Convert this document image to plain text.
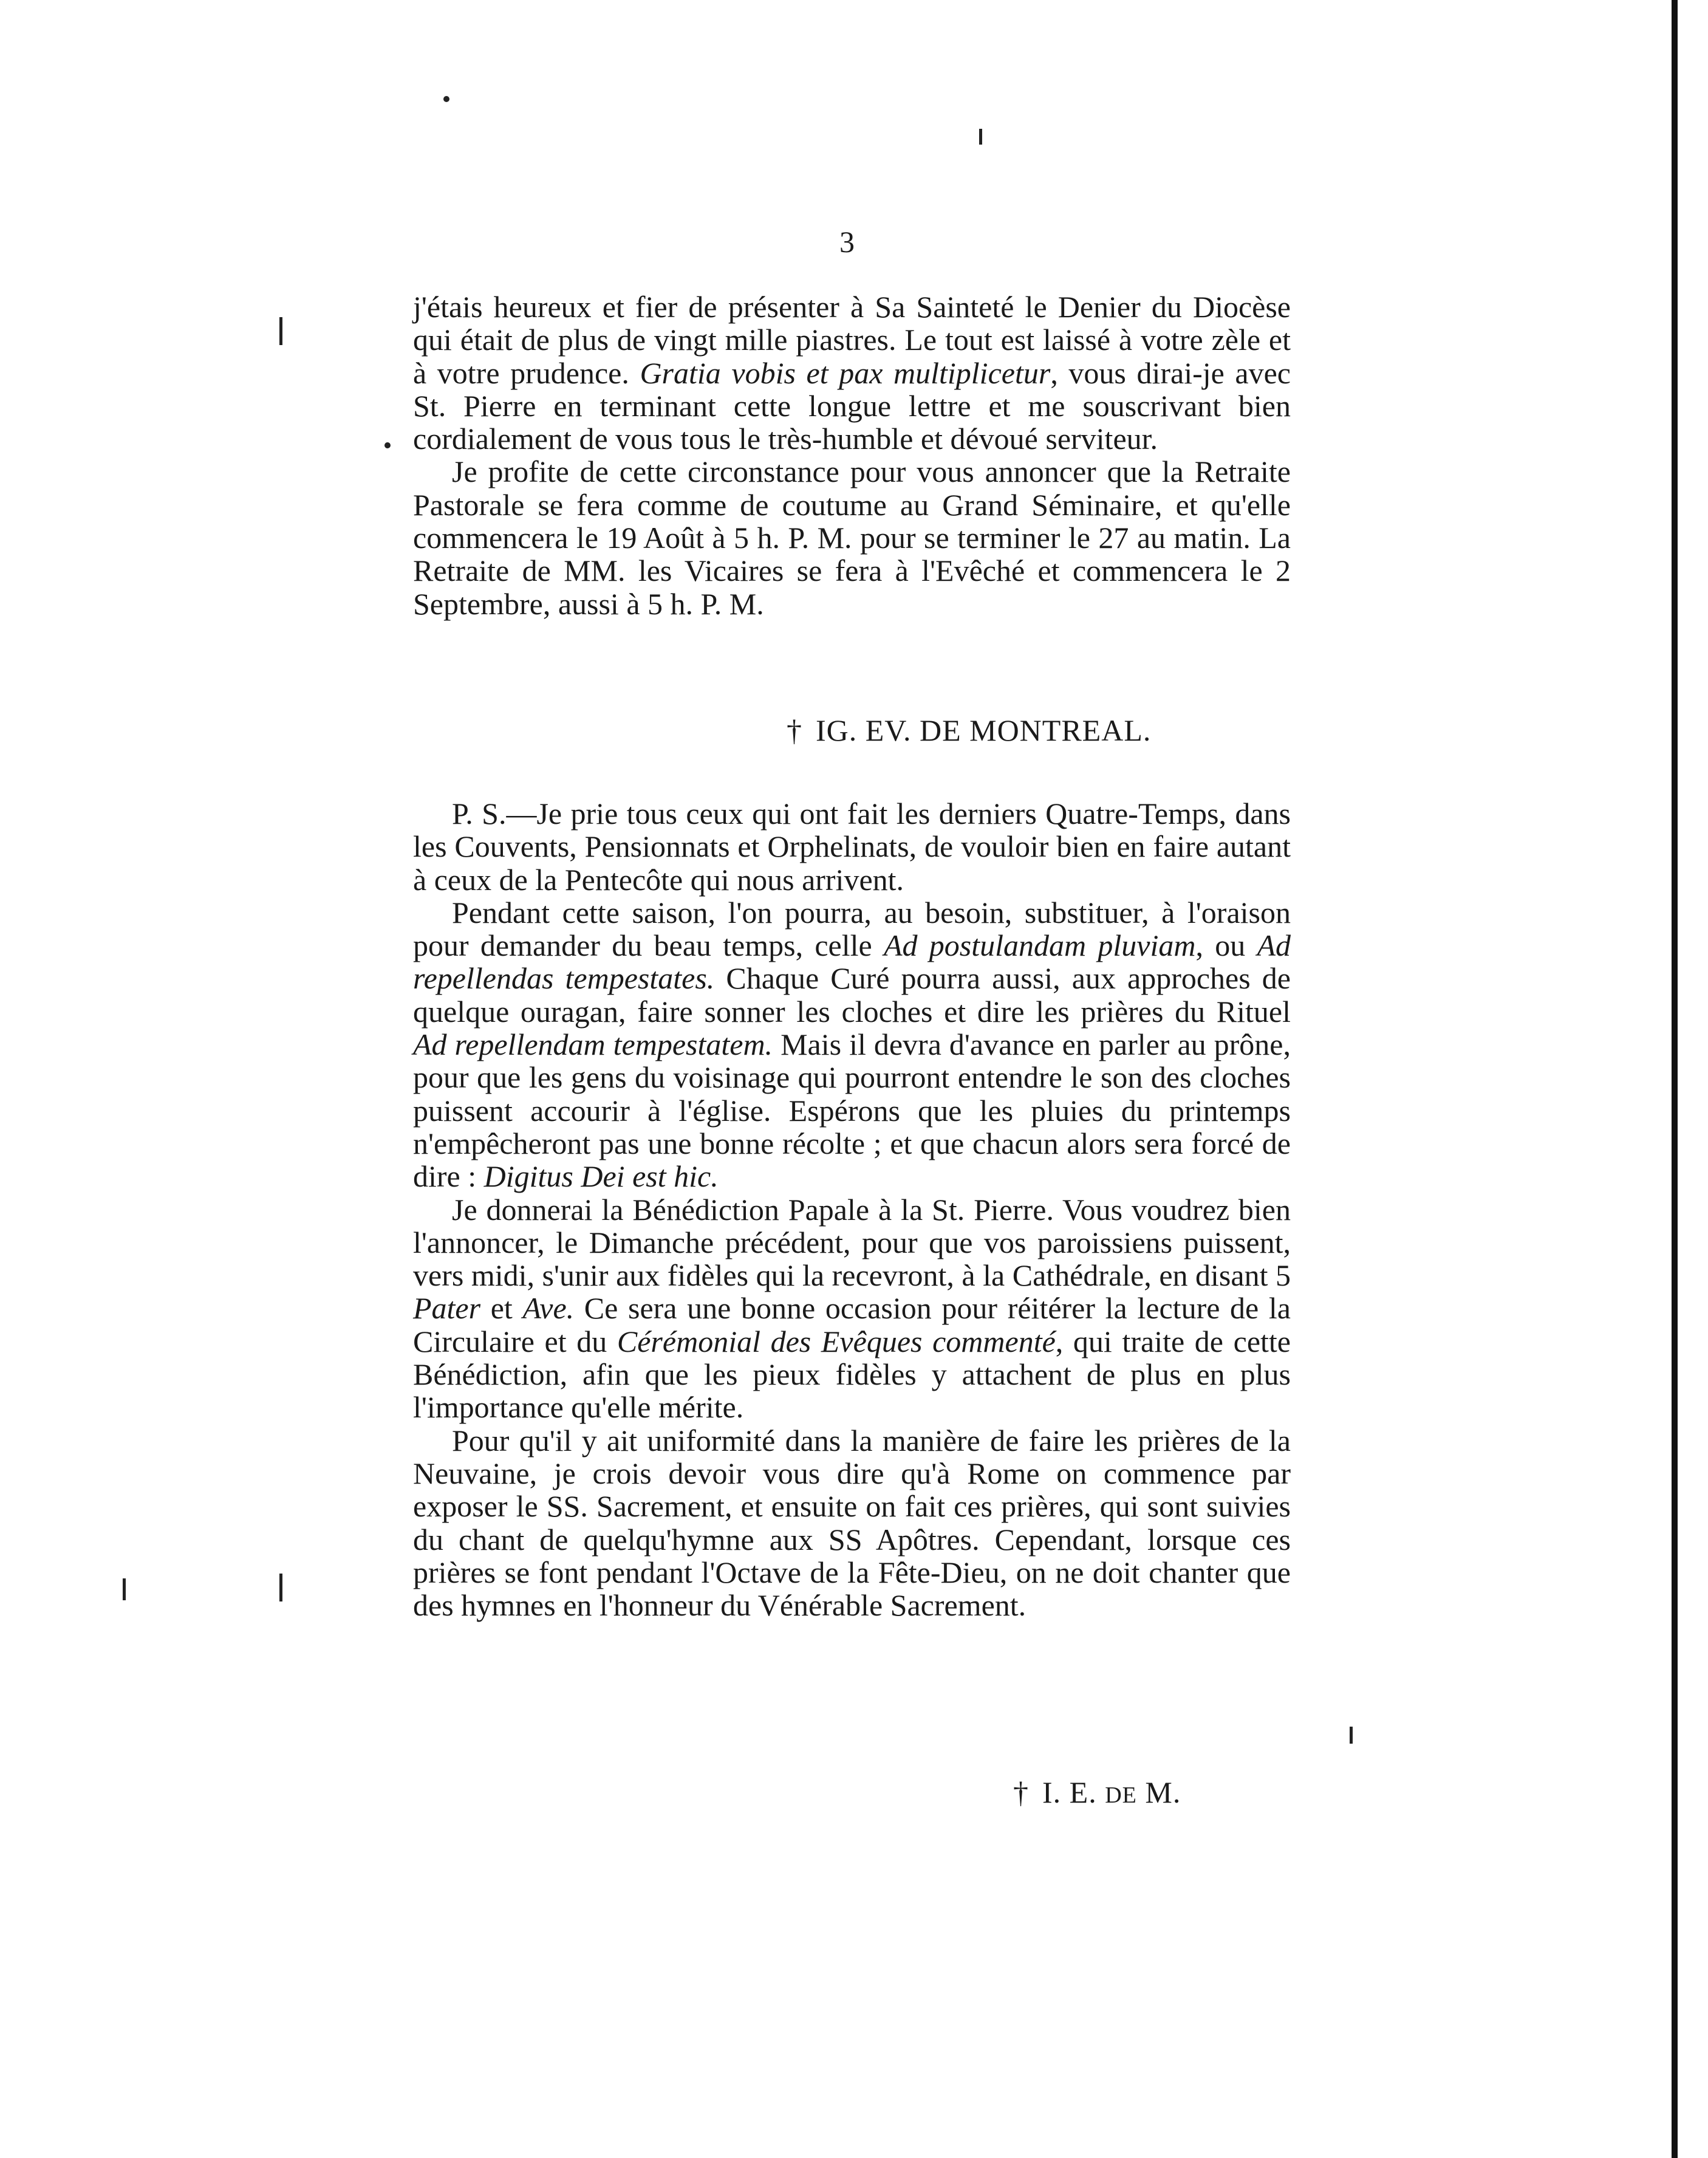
3

j'étais heureux et fier de présenter à Sa Sainteté le Denier du Diocèse qui était de plus de vingt mille piastres. Le tout est laissé à votre zèle et à votre prudence. Gratia vobis et pax multiplicetur, vous dirai-je avec St. Pierre en terminant cette longue lettre et me souscrivant bien cordialement de vous tous le très-humble et dévoué serviteur.

Je profite de cette circonstance pour vous annoncer que la Retraite Pastorale se fera comme de coutume au Grand Séminaire, et qu'elle commencera le 19 Août à 5 h. P. M. pour se terminer le 27 au matin. La Retraite de MM. les Vicaires se fera à l'Evêché et commencera le 2 Septembre, aussi à 5 h. P. M.

† IG. EV. DE MONTREAL.

P. S.—Je prie tous ceux qui ont fait les derniers Quatre-Temps, dans les Couvents, Pensionnats et Orphelinats, de vouloir bien en faire autant à ceux de la Pentecôte qui nous arrivent.

Pendant cette saison, l'on pourra, au besoin, substituer, à l'oraison pour demander du beau temps, celle Ad postulandam pluviam, ou Ad repellendas tempestates. Chaque Curé pourra aussi, aux approches de quelque ouragan, faire sonner les cloches et dire les prières du Rituel Ad repellendam tempestatem. Mais il devra d'avance en parler au prône, pour que les gens du voisinage qui pourront entendre le son des cloches puissent accourir à l'église. Espérons que les pluies du printemps n'empêcheront pas une bonne récolte ; et que chacun alors sera forcé de dire : Digitus Dei est hic.

Je donnerai la Bénédiction Papale à la St. Pierre. Vous voudrez bien l'annoncer, le Dimanche précédent, pour que vos paroissiens puissent, vers midi, s'unir aux fidèles qui la recevront, à la Cathédrale, en disant 5 Pater et Ave. Ce sera une bonne occasion pour réitérer la lecture de la Circulaire et du Cérémonial des Evêques commenté, qui traite de cette Bénédiction, afin que les pieux fidèles y attachent de plus en plus l'importance qu'elle mérite.

Pour qu'il y ait uniformité dans la manière de faire les prières de la Neuvaine, je crois devoir vous dire qu'à Rome on commence par exposer le SS. Sacrement, et ensuite on fait ces prières, qui sont suivies du chant de quelqu'hymne aux SS Apôtres. Cependant, lorsque ces prières se font pendant l'Octave de la Fête-Dieu, on ne doit chanter que des hymnes en l'honneur du Vénérable Sacrement.

† I. E. DE M.
